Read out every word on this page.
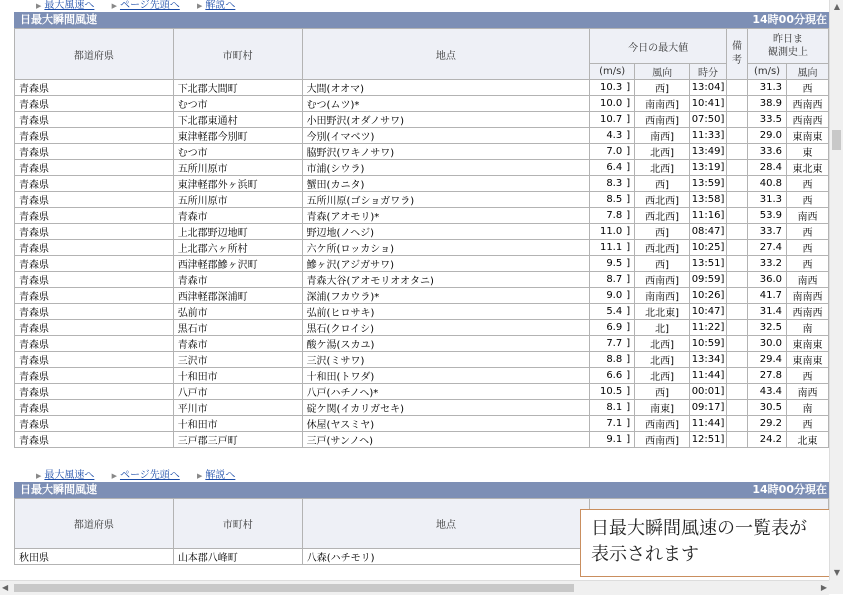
▶ 最大風速へ ▶ ページ先頭へ ▶ 解説へ
日最大瞬間風速	14時00分現在
都道府県	市町村	地点	今日の最大値			備考	昨日ま
観測史上	

			(m/s)	風向	時分		(m/s)	風向
青森県	下北郡大間町	大間(オオマ)	10.3 ]	西]	13:04]		31.3	西
青森県	むつ市	むつ(ムツ)*	10.0 ]	南南西]	10:41]		38.9	西南西
青森県	下北郡東通村	小田野沢(オダノサワ)	10.7 ]	西南西]	07:50]		33.5	西南西
青森県	東津軽郡今別町	今別(イマベツ)	4.3 ]	南西]	11:33]		29.0	東南東
青森県	むつ市	脇野沢(ワキノサワ)	7.0 ]	北西]	13:49]		33.6	東
青森県	五所川原市	市浦(シウラ)	6.4 ]	北西]	13:19]		28.4	東北東
青森県	東津軽郡外ヶ浜町	蟹田(カニタ)	8.3 ]	西]	13:59]		40.8	西
青森県	五所川原市	五所川原(ゴショガワラ)	8.5 ]	西北西]	13:58]		31.3	西
青森県	青森市	青森(アオモリ)*	7.8 ]	西北西]	11:16]		53.9	南西
青森県	上北郡野辺地町	野辺地(ノヘジ)	11.0 ]	西]	08:47]		33.7	西
青森県	上北郡六ヶ所村	六ケ所(ロッカショ)	11.1 ]	西北西]	10:25]		27.4	西
青森県	西津軽郡鰺ヶ沢町	鰺ヶ沢(アジガサワ)	9.5 ]	西]	13:51]		33.2	西
青森県	青森市	青森大谷(アオモリオオタニ)	8.7 ]	西南西]	09:59]		36.0	南西
青森県	西津軽郡深浦町	深浦(フカウラ)*	9.0 ]	南南西]	10:26]		41.7	南南西
青森県	弘前市	弘前(ヒロサキ)	5.4 ]	北北東]	10:47]		31.4	西南西
青森県	黒石市	黒石(クロイシ)	6.9 ]	北]	11:22]		32.5	南
青森県	青森市	酸ケ湯(スカユ)	7.7 ]	北西]	10:59]		30.0	東南東
青森県	三沢市	三沢(ミサワ)	8.8 ]	北西]	13:34]		29.4	東南東
青森県	十和田市	十和田(トワダ)	6.6 ]	北西]	11:44]		27.8	西
青森県	八戸市	八戸(ハチノヘ)*	10.5 ]	西]	00:01]		43.4	南西
青森県	平川市	碇ケ関(イカリガセキ)	8.1 ]	南東]	09:17]		30.5	南
青森県	十和田市	休屋(ヤスミヤ)	7.1 ]	西南西]	11:44]		29.2	西
青森県	三戸郡三戸町	三戸(サンノヘ)	9.1 ]	西南西]	12:51]		24.2	北東
▶ 最大風速へ ▶ ページ先頭へ ▶ 解説へ
日最大瞬間風速	14時00分現在
都道府県	市町村	地点	
秋田県	山本郡八峰町	八森(ハチモリ)	
日最大瞬間風速の一覧表が表示されます
▲
▼
◀	▶
